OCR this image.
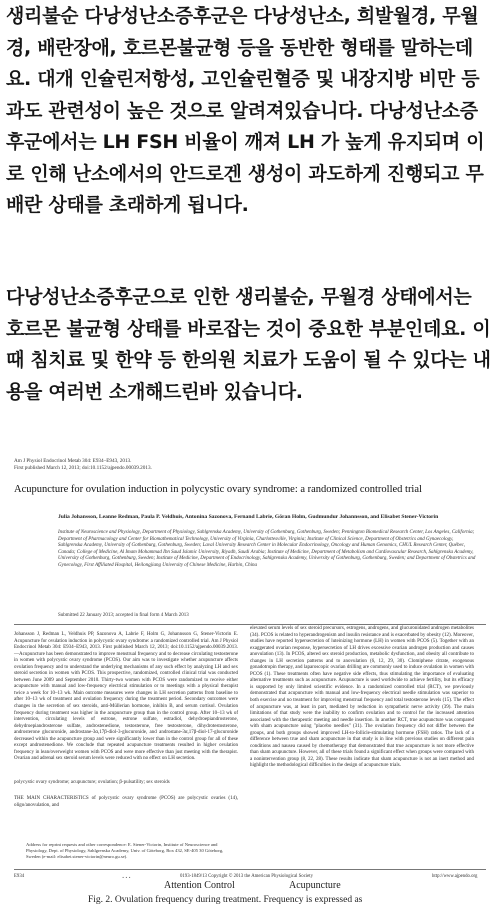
생리불순 다낭성난소증후군은 다낭성난소, 희발월경, 무월경, 배란장애, 호르몬불균형 등을 동반한 형태를 말하는데요. 대개 인슐린저항성, 고인슐린혈증 및 내장지방 비만 등과도 관련성이 높은 것으로 알려져있습니다. 다낭성난소증후군에서는 LH FSH 비율이 깨져 LH 가 높게 유지되며 이로 인해 난소에서의 안드로겐 생성이 과도하게 진행되고 무배란 상태를 초래하게 됩니다.

다낭성난소증후군으로 인한 생리불순, 무월경 상태에서는 호르몬 불균형 상태를 바로잡는 것이 중요한 부분인데요. 이때 침치료 및 한약 등 한의원 치료가 도움이 될 수 있다는 내용을 여러번 소개해드린바 있습니다.

Am J Physiol Endocrinol Metab 304: E934–E943, 2013.
First published March 12, 2013; doi:10.1152/ajpendo.00039.2013.
Acupuncture for ovulation induction in polycystic ovary syndrome: a randomized controlled trial
Julia Johansson, Leanne Redman, Paula P. Veldhuis, Antonina Sazonova, Fernand Labrie, Göran Holm, Gudmundur Johannsson, and Elisabet Stener-Victorin
Institute of Neuroscience and Physiology, Department of Physiology, Sahlgrenska Academy, University of Gothenburg, Gothenburg, Sweden; Pennington Biomedical Research Center, Los Angeles, California; Department of Pharmacology and Center for Biomathematical Technology, University of Virginia, Charlottesville, Virginia; Institute of Clinical Science, Department of Obstetrics and Gynaecology, Sahlgrenska Academy, University of Gothenburg, Gothenburg, Sweden; Laval University Research Center in Molecular Endocrinology, Oncology and Human Genomics, CHUL Research Center, Québec, Canada; College of Medicine, Al Imam Mohammad Ibn Saud Islamic University, Riyadh, Saudi Arabia; Institute of Medicine, Department of Metabolism and Cardiovascular Research, Sahlgrenska Academy, University of Gothenburg, Gothenburg, Sweden; Institute of Medicine, Department of Endocrinology, Sahlgrenska Academy, University of Gothenburg, Gothenburg, Sweden; and Department of Obstetrics and Gynecology, First Affiliated Hospital, Heilongjiang University of Chinese Medicine, Harbin, China
Submitted 22 January 2013; accepted in final form 4 March 2013
Johansson J, Redman L, Veldhuis PP, Sazonova A, Labrie F, Holm G, Johannsson G, Stener-Victorin E. Acupuncture for ovulation induction in polycystic ovary syndrome: a randomized controlled trial. Am J Physiol Endocrinol Metab 304: E934–E943, 2013. First published March 12, 2013; doi:10.1152/ajpendo.00039.2013.—Acupuncture has been demonstrated to improve menstrual frequency and to decrease circulating testosterone in women with polycystic ovary syndrome (PCOS). Our aim was to investigate whether acupuncture affects ovulation frequency and to understand the underlying mechanisms of any such effect by analyzing LH and sex steroid secretion in women with PCOS. This prospective, randomized, controlled clinical trial was conducted between June 2009 and September 2010. Thirty-two women with PCOS were randomized to receive either acupuncture with manual and low-frequency electrical stimulation or to meetings with a physical therapist twice a week for 10–13 wk. Main outcome measures were changes in LH secretion patterns from baseline to after 10–13 wk of treatment and ovulation frequency during the treatment period. Secondary outcomes were changes in the secretion of sex steroids, anti-Müllerian hormone, inhibin B, and serum cortisol. Ovulation frequency during treatment was higher in the acupuncture group than in the control group. After 10–13 wk of intervention, circulating levels of estrone, estrone sulfate, estradiol, dehydroepiandrosterone, dehydroepiandrosterone sulfate, androstenedione, testosterone, free testosterone, dihydrotestosterone, androsterone glucuronide, androstane-3α,17β-diol-3-glucuronide, and androstane-3α,17β-diol-17-glucuronide decreased within the acupuncture group and were significantly lower than in the control group for all of these except androstenedione. We conclude that repeated acupuncture treatments resulted in higher ovulation frequency in lean/overweight women with PCOS and were more effective than just meeting with the therapist. Ovarian and adrenal sex steroid serum levels were reduced with no effect on LH secretion.
elevated serum levels of sex steroid precursors, estrogens, androgens, and glucuronidated androgen metabolites (34). PCOS is related to hyperandrogenism and insulin resistance and is exacerbated by obesity (12). Moreover, studies have reported hypersecretion of luteinizing hormone (LH) in women with PCOS (5). Together with an exaggerated ovarian response, hypersecretion of LH drives excessive ovarian androgen production and causes anovulation (13). In PCOS, altered sex steroid production, metabolic dysfunction, and obesity all contribute to changes in LH secretion patterns and to anovulation (6, 12, 29, 30). Clomiphene citrate, exogenous gonadotropin therapy, and laparoscopic ovarian drilling are commonly used to induce ovulation in women with PCOS (1). These treatments often have negative side effects, thus stimulating the importance of evaluating alternative treatments such as acupuncture. Acupuncture is used worldwide to achieve fertility, but its efficacy is supported by only limited scientific evidence. In a randomized controlled trial (RCT), we previously demonstrated that acupuncture with manual and low-frequency electrical needle stimulation was superior to both exercise and no treatment for improving menstrual frequency and total testosterone levels (15). The effect of acupuncture was, at least in part, mediated by reduction in sympathetic nerve activity (39). The main limitations of that study were the inability to confirm ovulation and to control for the increased attention associated with the therapeutic meeting and needle insertion. In another RCT, true acupuncture was compared with sham acupuncture using "placebo needles" (31). The ovulation frequency did not differ between the groups, and both groups showed improved LH-to-follicle-stimulating hormone (FSH) ratios. The lack of a difference between true and sham acupuncture in that study is in line with previous studies on different pain conditions and nausea caused by chemotherapy that demonstrated that true acupuncture is not more effective than sham acupuncture. However, all of these trials found a significant effect when groups were compared with a nonintervention group (8, 22, 28). These results indicate that sham acupuncture is not an inert method and highlight the methodological difficulties in the design of acupuncture trials.
polycystic ovary syndrome; acupuncture; ovulation; β-pulsatility; sex steroids
THE MAIN CHARACTERISTICS of polycystic ovary syndrome (PCOS) are polycystic ovaries (14), oligo/anovulation, and
Address for reprint requests and other correspondence: E. Stener-Victorin, Institute of Neuroscience and Physiology, Dept. of Physiology, Sahlgrenska Academy, Univ. of Göteborg, Box 432, SE-405 30 Göteborg, Sweden (e-mail: elisabet.stener-victorin@neuro.gu.se).
E934	0193-1849/13 Copyright © 2013 the American Physiological Society	http://www.ajpendo.org
...
Attention Control	Acupuncture
Fig. 2. Ovulation frequency during treatment. Frequency is expressed as
